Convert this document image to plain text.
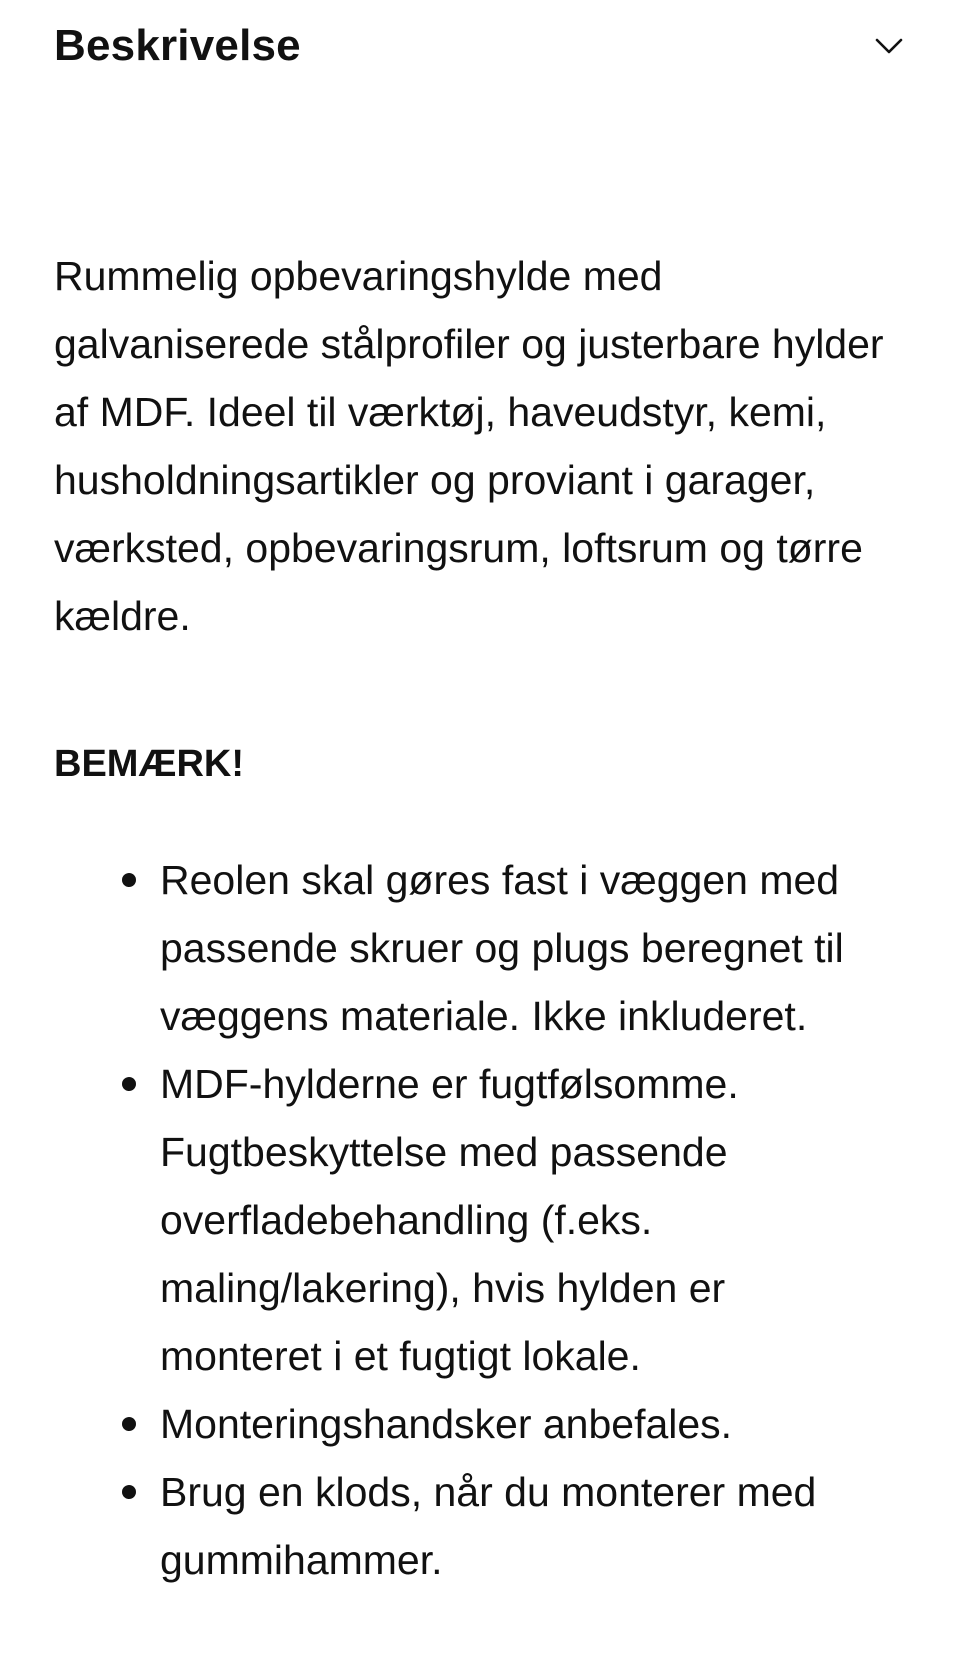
Beskrivelse

Rummelig opbevaringshylde med galvaniserede stålprofiler og justerbare hylder af MDF. Ideel til værktøj, haveudstyr, kemi, husholdningsartikler og proviant i garager, værksted, opbevaringsrum, loftsrum og tørre kældre.

BEMÆRK!
Reolen skal gøres fast i væggen med passende skruer og plugs beregnet til væggens materiale. Ikke inkluderet.
MDF-hylderne er fugtfølsomme. Fugtbeskyttelse med passende overfladebehandling (f.eks. maling/lakering), hvis hylden er monteret i et fugtigt lokale.
Monteringshandsker anbefales.
Brug en klods, når du monterer med gummihammer.
